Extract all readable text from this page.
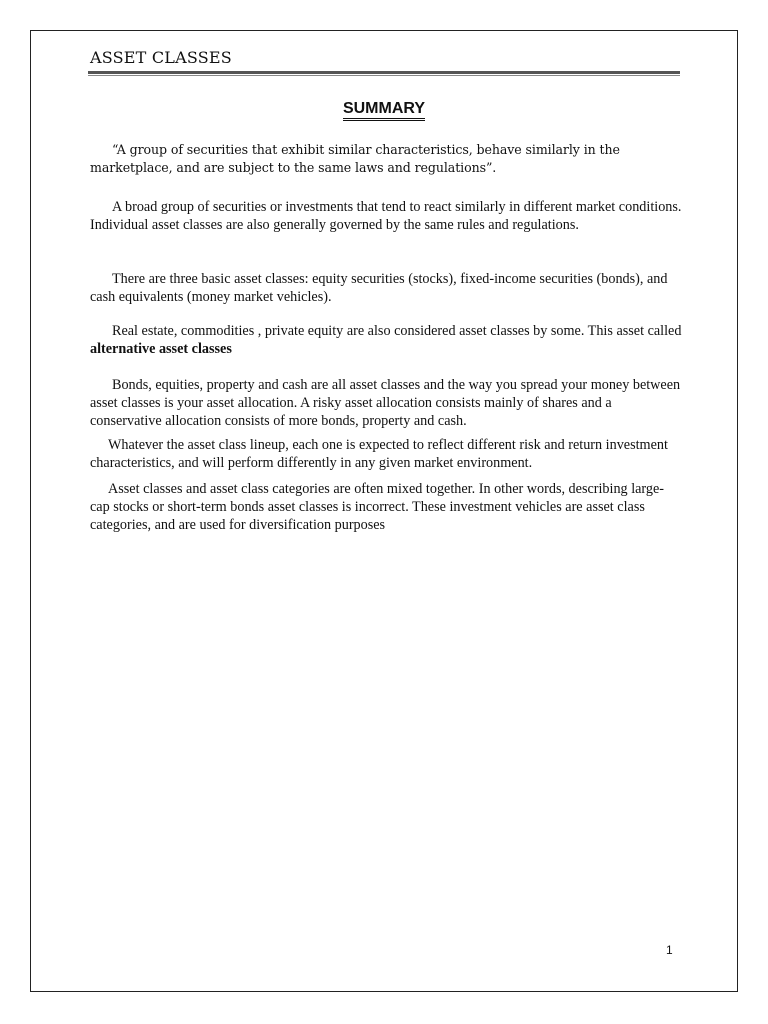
ASSET CLASSES
SUMMARY

“A group of securities that exhibit similar characteristics, behave similarly in the marketplace, and are subject to the same laws and regulations”.

A broad group of securities or investments that tend to react similarly in different market conditions. Individual asset classes are also generally governed by the same rules and regulations.

There are three basic asset classes: equity securities (stocks), fixed-income securities (bonds), and cash equivalents (money market vehicles).

Real estate, commodities , private equity are also considered asset classes by some. This asset called alternative asset classes

Bonds, equities, property and cash are all asset classes and the way you spread your money between asset classes is your asset allocation. A risky asset allocation consists mainly of shares and a conservative allocation consists of more bonds, property and cash.

Whatever the asset class lineup, each one is expected to reflect different risk and return investment characteristics, and will perform differently in any given market environment.

Asset classes and asset class categories are often mixed together. In other words, describing large-cap stocks or short-term bonds asset classes is incorrect. These investment vehicles are asset class categories, and are used for diversification purposes

1
